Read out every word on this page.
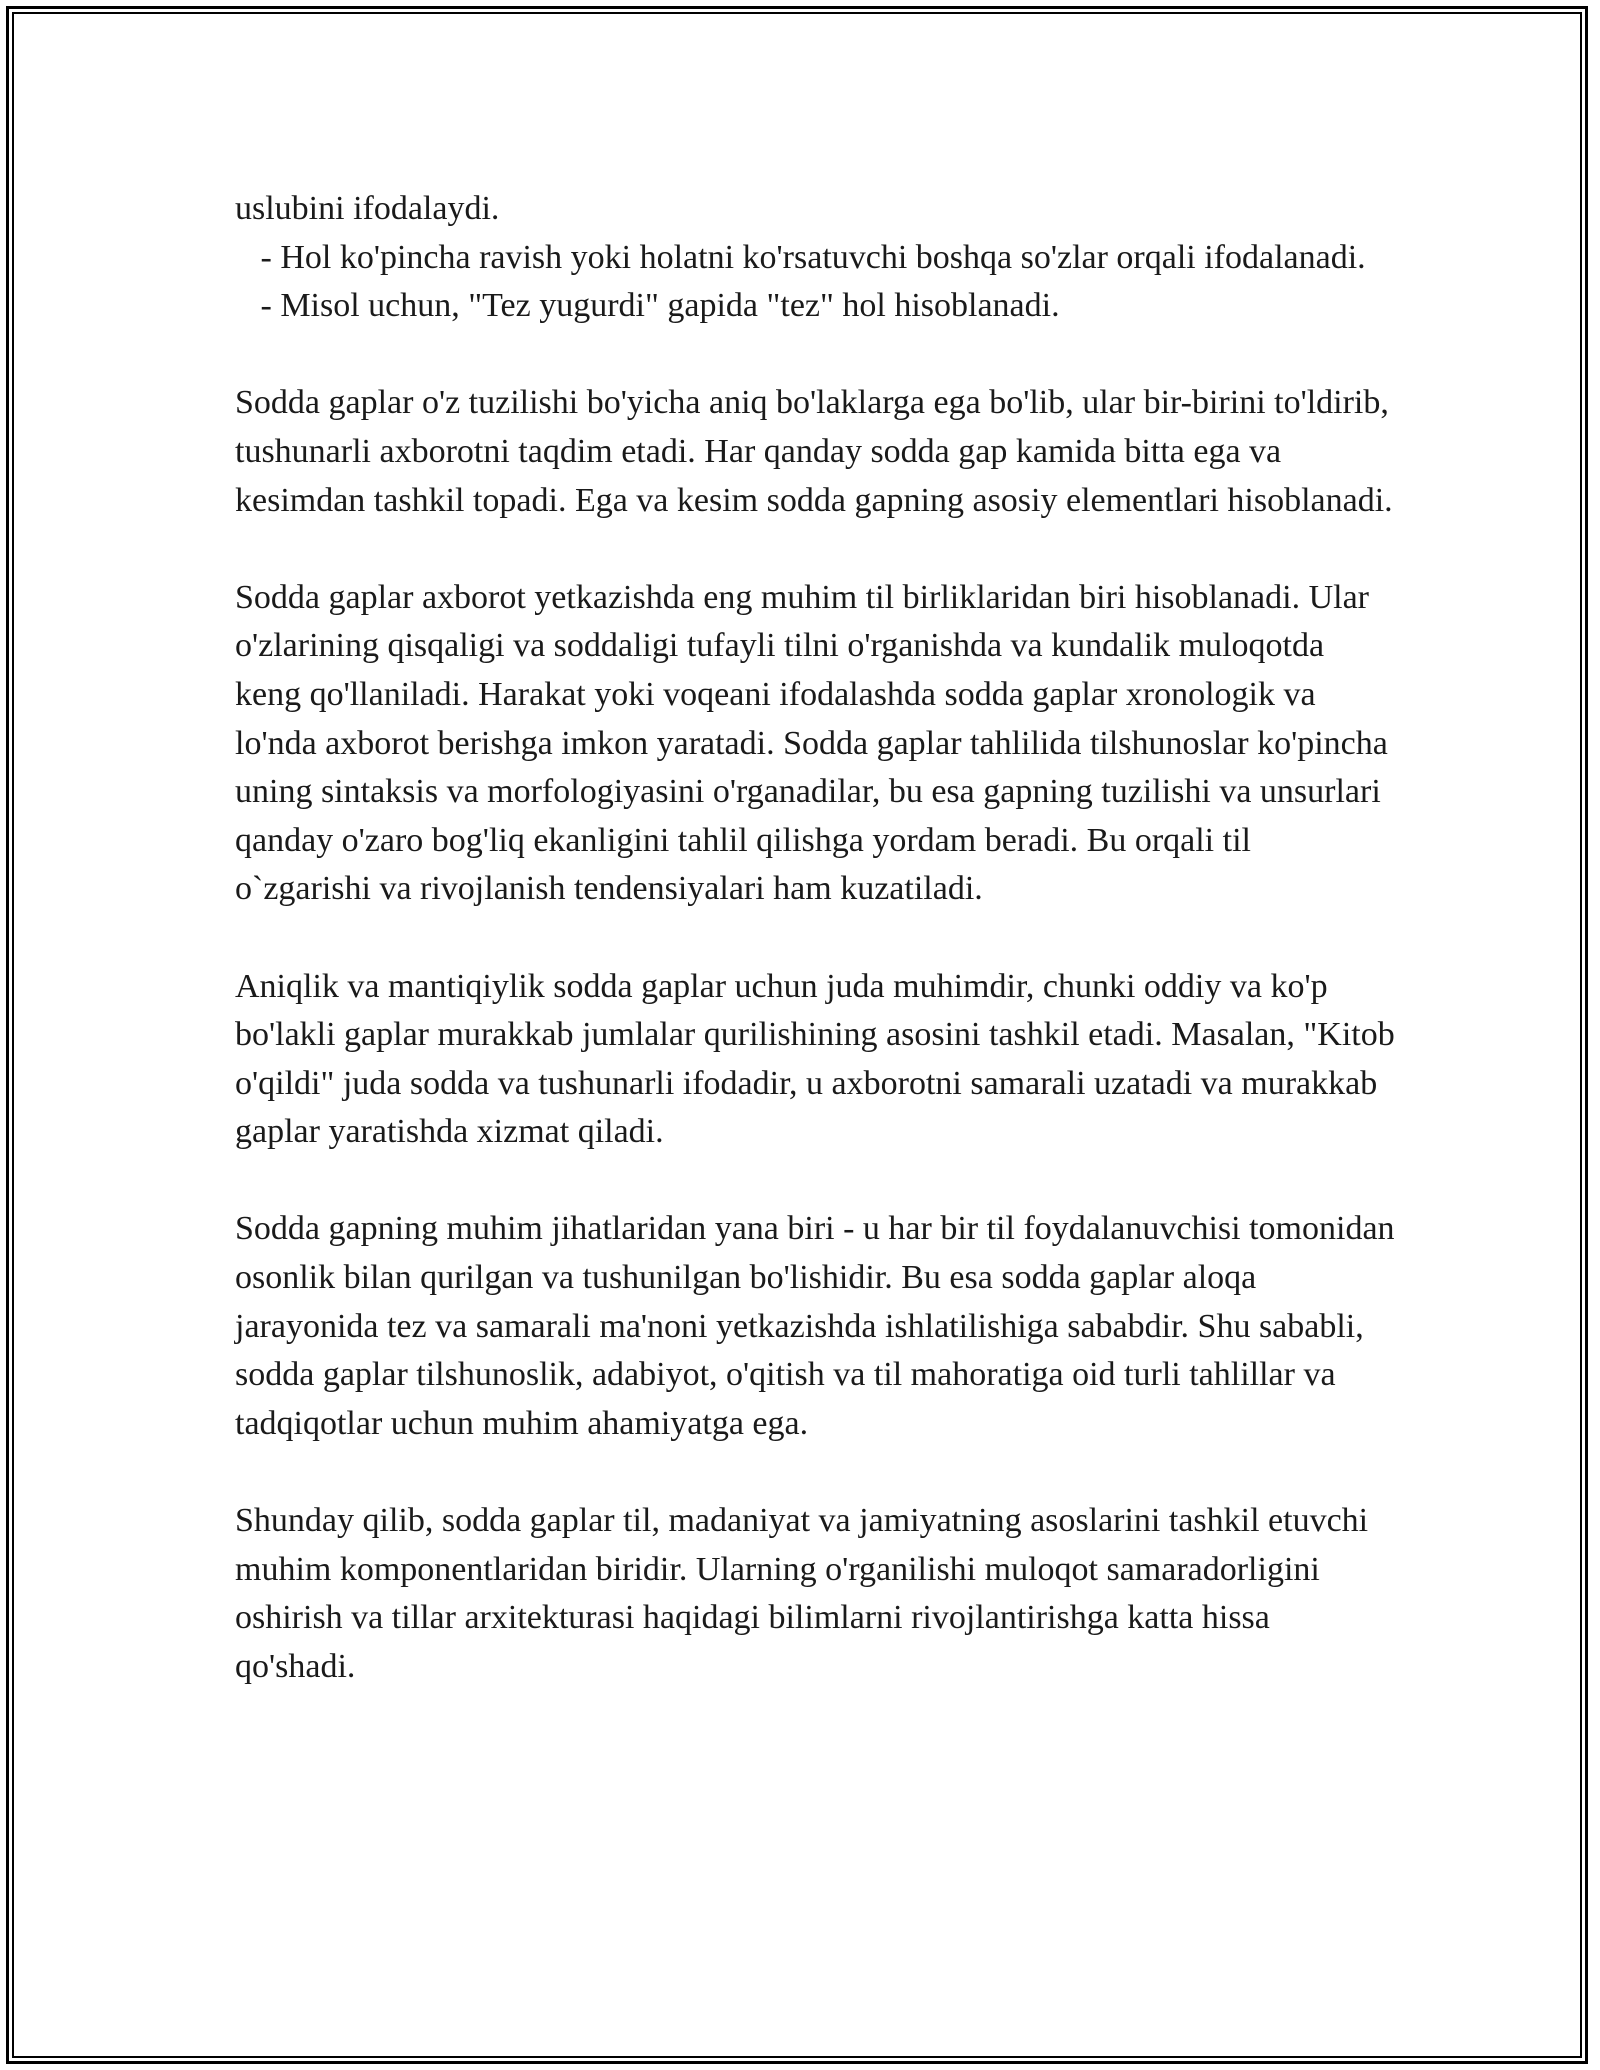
uslubini ifodalaydi.

- Hol ko'pincha ravish yoki holatni ko'rsatuvchi boshqa so'zlar orqali ifodalanadi.

- Misol uchun, "Tez yugurdi" gapida "tez" hol hisoblanadi.

Sodda gaplar o'z tuzilishi bo'yicha aniq bo'laklarga ega bo'lib, ular bir-birini to'ldirib, tushunarli axborotni taqdim etadi. Har qanday sodda gap kamida bitta ega va kesimdan tashkil topadi. Ega va kesim sodda gapning asosiy elementlari hisoblanadi.

Sodda gaplar axborot yetkazishda eng muhim til birliklaridan biri hisoblanadi. Ular o'zlarining qisqaligi va soddaligi tufayli tilni o'rganishda va kundalik muloqotda keng qo'llaniladi. Harakat yoki voqeani ifodalashda sodda gaplar xronologik va lo'nda axborot berishga imkon yaratadi. Sodda gaplar tahlilida tilshunoslar ko'pincha uning sintaksis va morfologiyasini o'rganadilar, bu esa gapning tuzilishi va unsurlari qanday o'zaro bog'liq ekanligini tahlil qilishga yordam beradi. Bu orqali til o`zgarishi va rivojlanish tendensiyalari ham kuzatiladi.

Aniqlik va mantiqiylik sodda gaplar uchun juda muhimdir, chunki oddiy va ko'p bo'lakli gaplar murakkab jumlalar qurilishining asosini tashkil etadi. Masalan, "Kitob o'qildi" juda sodda va tushunarli ifodadir, u axborotni samarali uzatadi va murakkab gaplar yaratishda xizmat qiladi.

Sodda gapning muhim jihatlaridan yana biri - u har bir til foydalanuvchisi tomonidan osonlik bilan qurilgan va tushunilgan bo'lishidir. Bu esa sodda gaplar aloqa jarayonida tez va samarali ma'noni yetkazishda ishlatilishiga sababdir. Shu sababli, sodda gaplar tilshunoslik, adabiyot, o'qitish va til mahoratiga oid turli tahlillar va tadqiqotlar uchun muhim ahamiyatga ega.

Shunday qilib, sodda gaplar til, madaniyat va jamiyatning asoslarini tashkil etuvchi muhim komponentlaridan biridir. Ularning o'rganilishi muloqot samaradorligini oshirish va tillar arxitekturasi haqidagi bilimlarni rivojlantirishga katta hissa qo'shadi.
